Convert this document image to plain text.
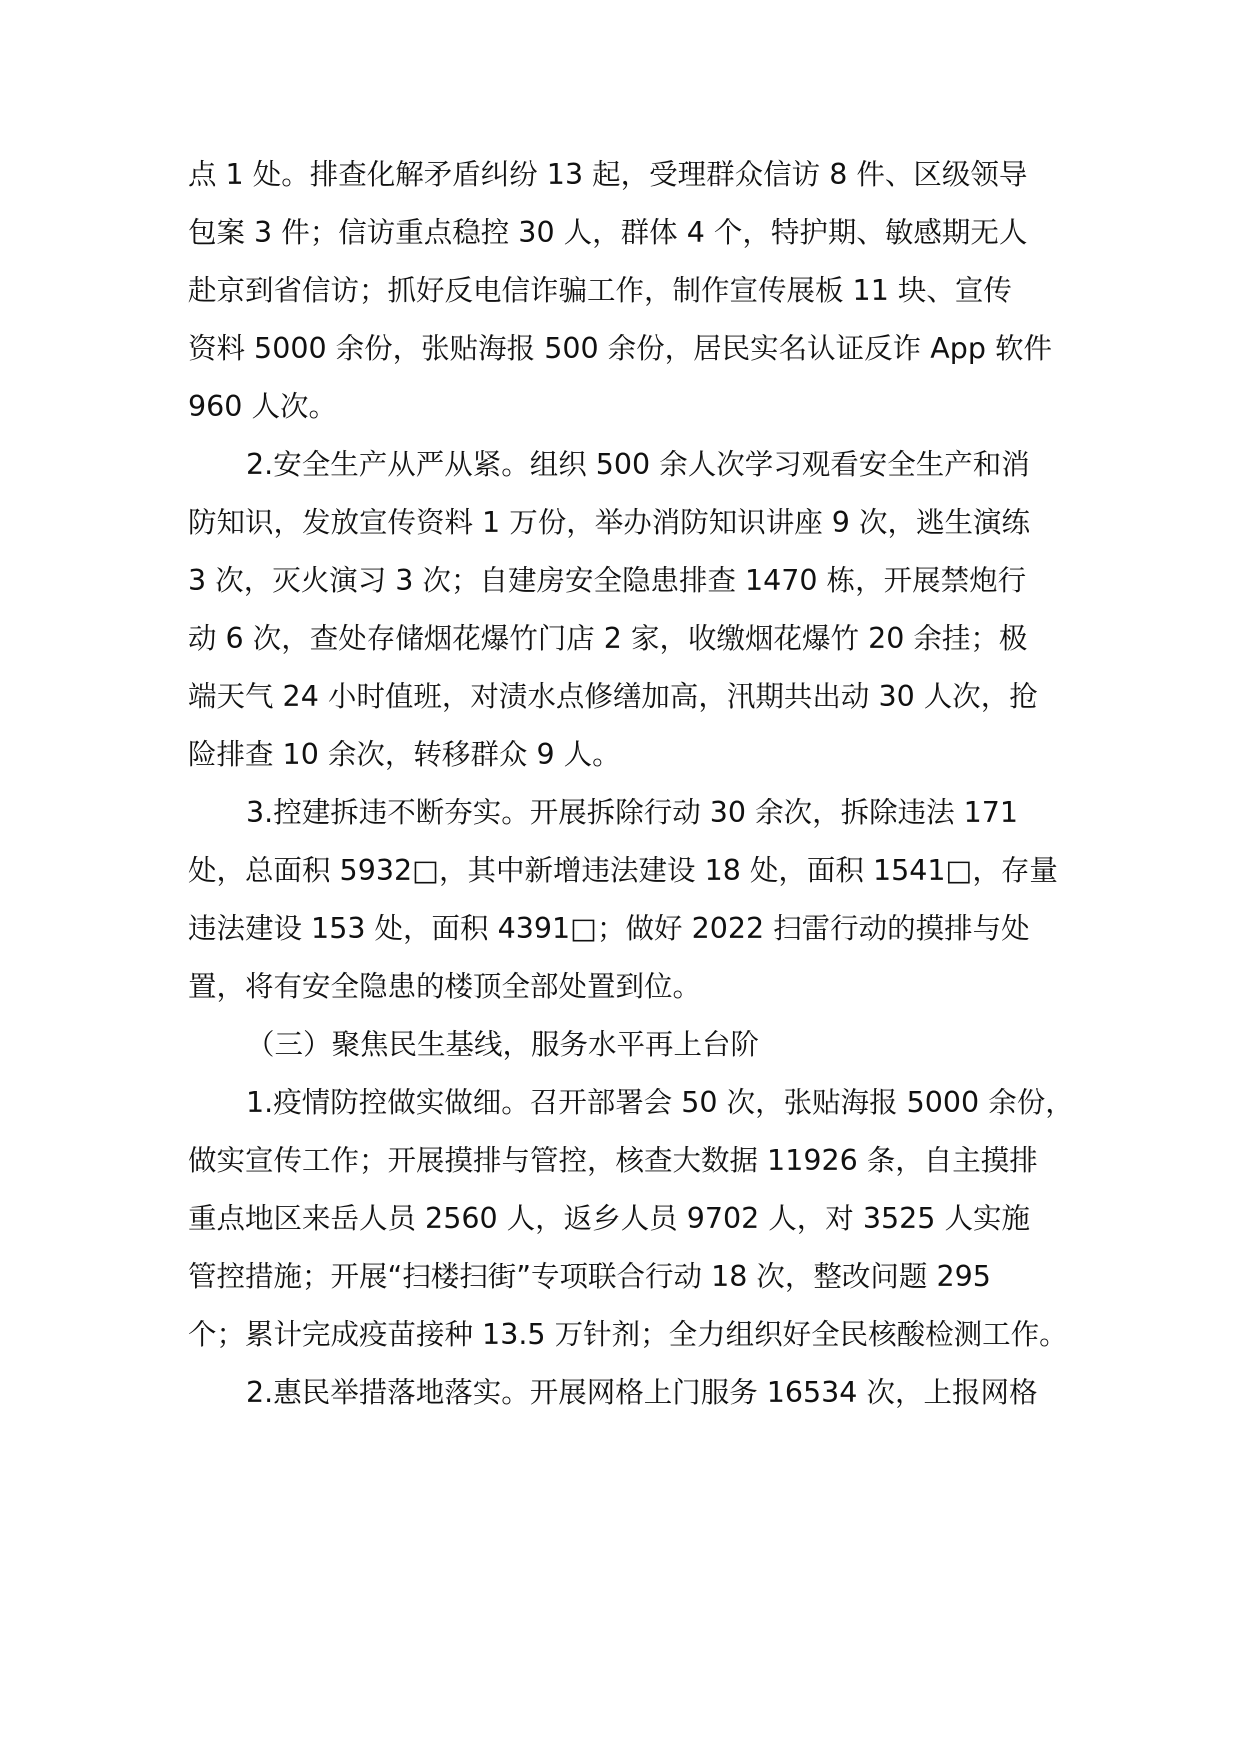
点 1 处。排查化解矛盾纠纷 13 起，受理群众信访 8 件、区级领导
包案 3 件；信访重点稳控 30 人，群体 4 个，特护期、敏感期无人
赴京到省信访；抓好反电信诈骗工作，制作宣传展板 11 块、宣传
资料 5000 余份，张贴海报 500 余份，居民实名认证反诈 App 软件
960 人次。
2.安全生产从严从紧。组织 500 余人次学习观看安全生产和消
防知识，发放宣传资料 1 万份，举办消防知识讲座 9 次，逃生演练
3 次，灭火演习 3 次；自建房安全隐患排查 1470 栋，开展禁炮行
动 6 次，查处存储烟花爆竹门店 2 家，收缴烟花爆竹 20 余挂；极
端天气 24 小时值班，对渍水点修缮加高，汛期共出动 30 人次，抢
险排查 10 余次，转移群众 9 人。
3.控建拆违不断夯实。开展拆除行动 30 余次，拆除违法 171
处，总面积 5932□，其中新增违法建设 18 处，面积 1541□，存量
违法建设 153 处，面积 4391□；做好 2022 扫雷行动的摸排与处
置，将有安全隐患的楼顶全部处置到位。
（三）聚焦民生基线，服务水平再上台阶
1.疫情防控做实做细。召开部署会 50 次，张贴海报 5000 余份，
做实宣传工作；开展摸排与管控，核查大数据 11926 条，自主摸排
重点地区来岳人员 2560 人，返乡人员 9702 人，对 3525 人实施
管控措施；开展“扫楼扫街”专项联合行动 18 次，整改问题 295
个；累计完成疫苗接种 13.5 万针剂；全力组织好全民核酸检测工作。
2.惠民举措落地落实。开展网格上门服务 16534 次，上报网格
